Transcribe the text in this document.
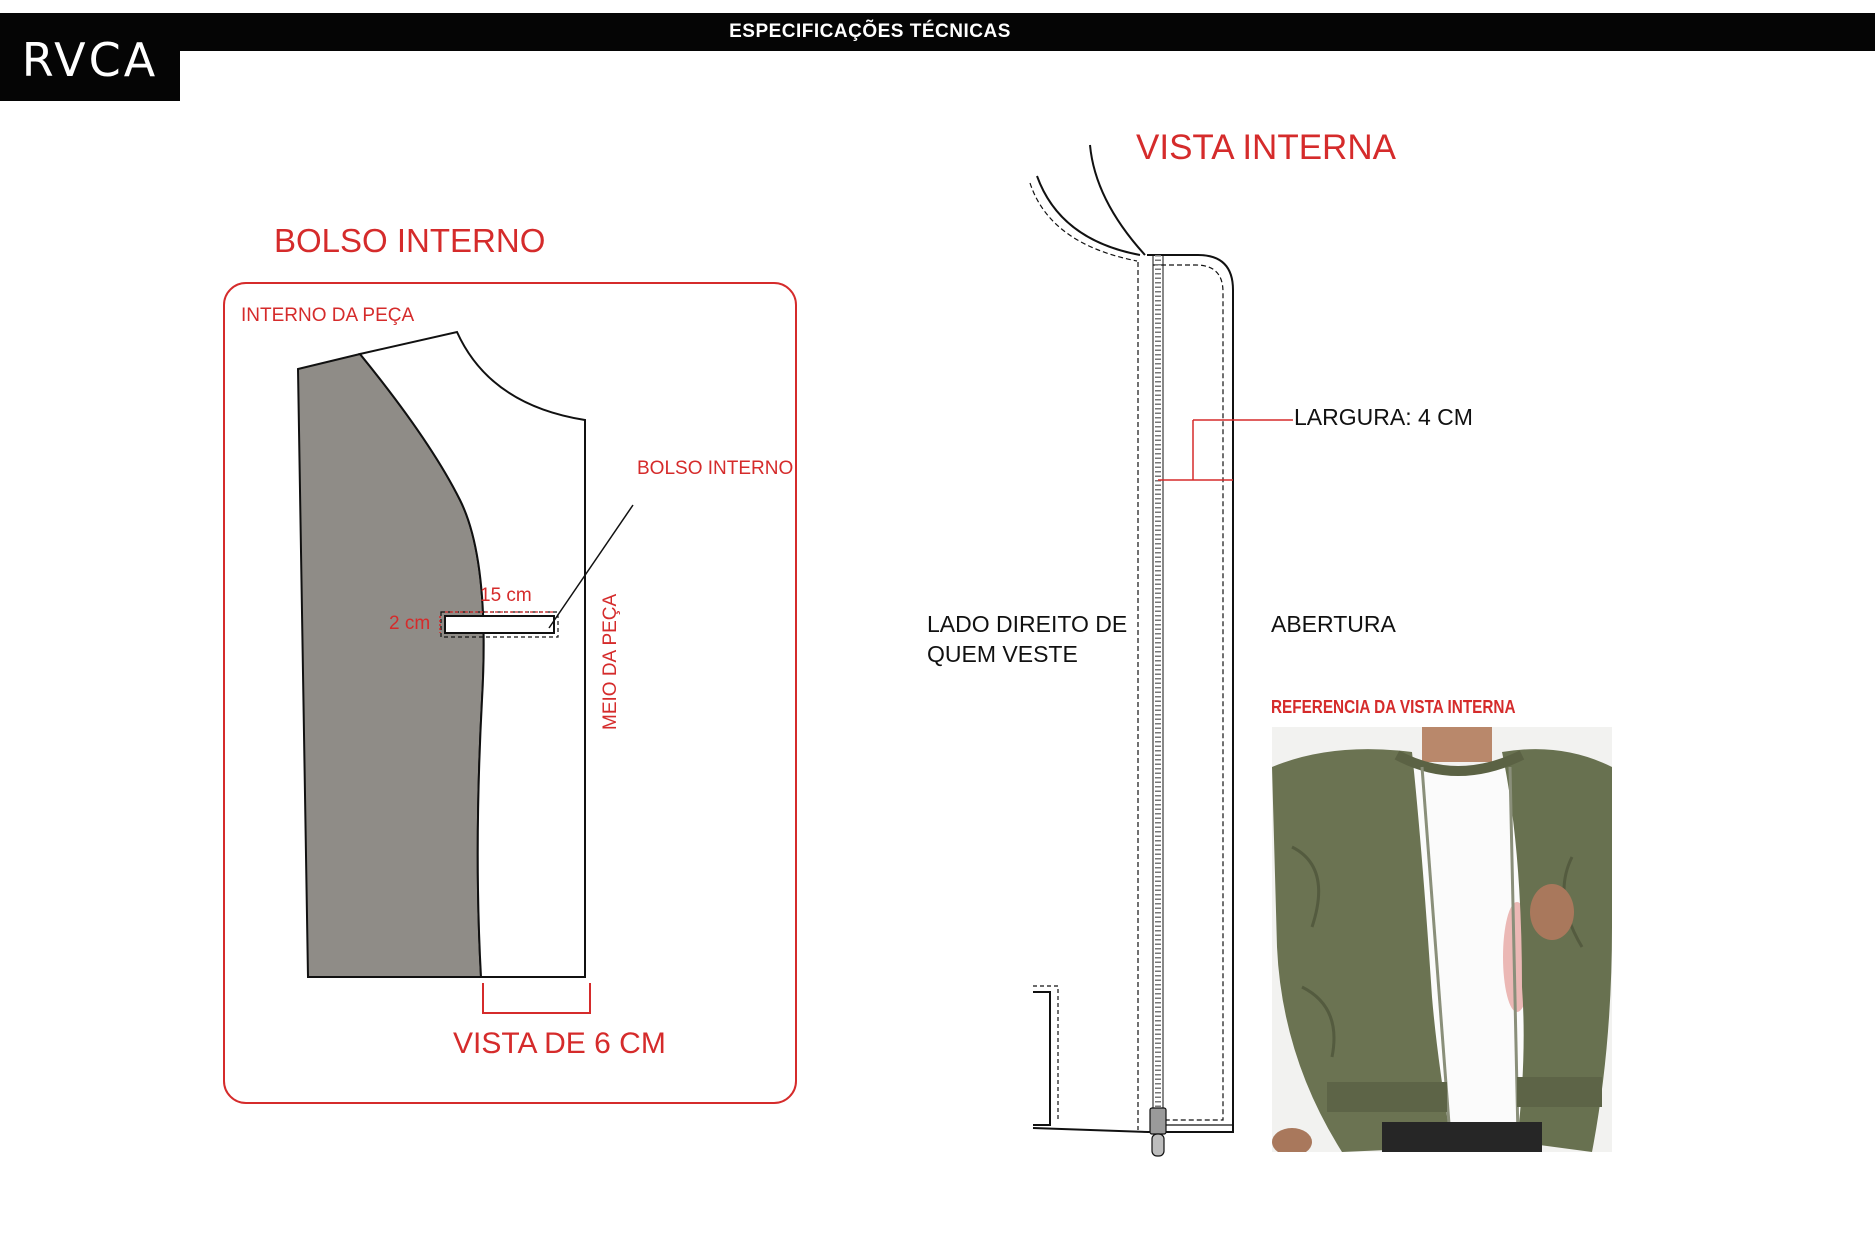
ESPECIFICAÇÕES TÉCNICAS
RVCA
BOLSO INTERNO
INTERNO DA PEÇA
BOLSO INTERNO
15 cm
2 cm	MEIO DA PEÇA
VISTA DE 6 CM
VISTA INTERNA
LARGURA: 4 CM
LADO DIREITO DE
QUEM VESTE
ABERTURA
REFERENCIA DA VISTA INTERNA
